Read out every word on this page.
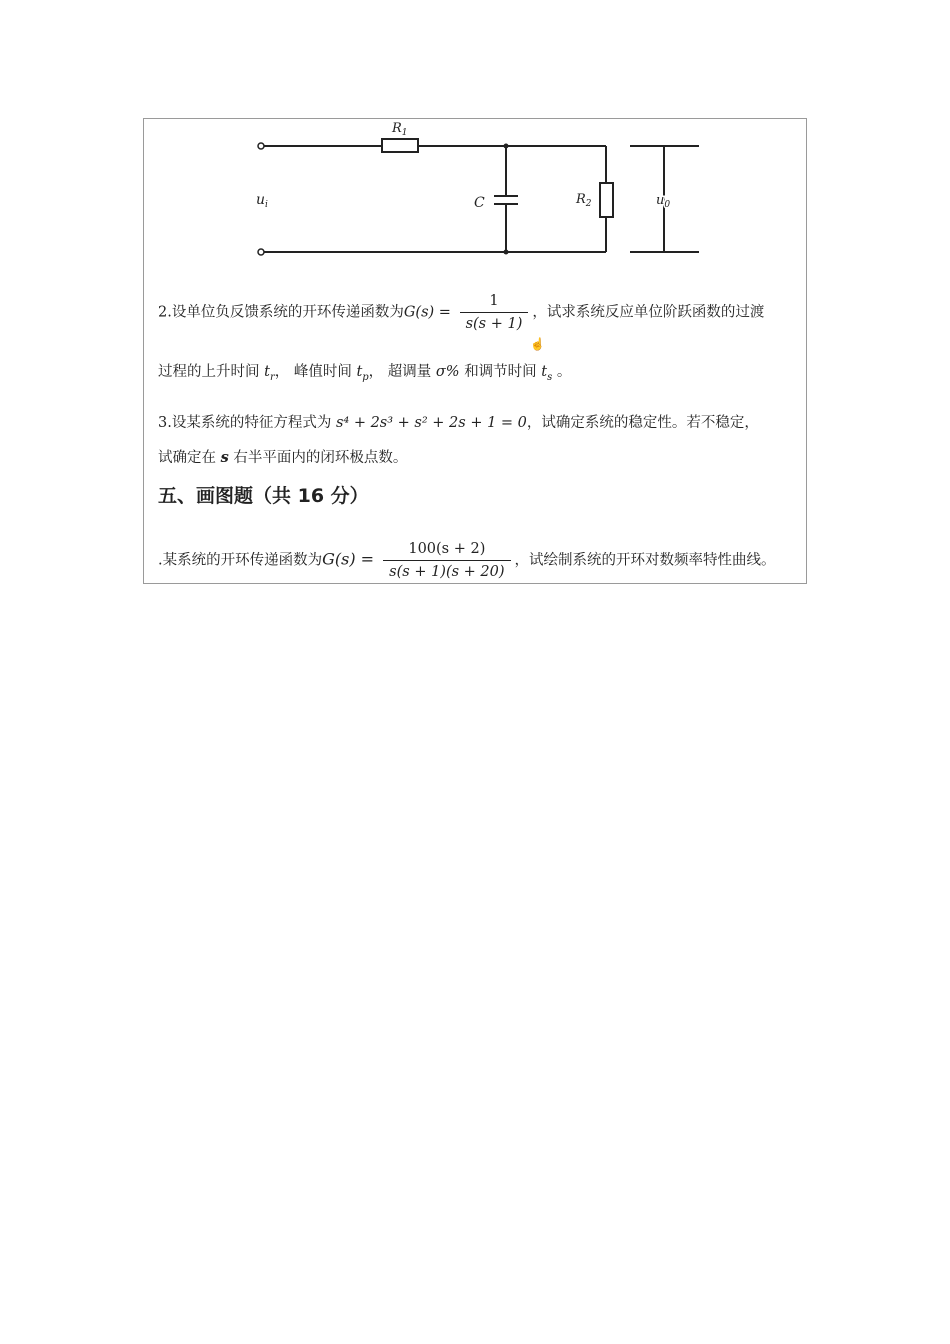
$R_1$
C	$R_2$
$u_i$	$u_0$
2.设单位负反馈系统的开环传递函数为$G(s) = \frac{1}{s(s + 1)}$ ，试求系统反应单位阶跃函数的过渡
☝
过程的上升时间 $t_r$， 峰值时间 $t_p$， 超调量 σ% 和调节时间 $t_s$ 。
3.设某系统的特征方程式为 s⁴ + 2s³ + s² + 2s + 1 = 0，试确定系统的稳定性。若不稳定，
试确定在 s 右半平面内的闭环极点数。
五、画图题（共 16 分）
.某系统的开环传递函数为$G(s) = \frac{100(s + 2)}{s(s + 1)(s + 20)}$ ，试绘制系统的开环对数频率特性曲线。
